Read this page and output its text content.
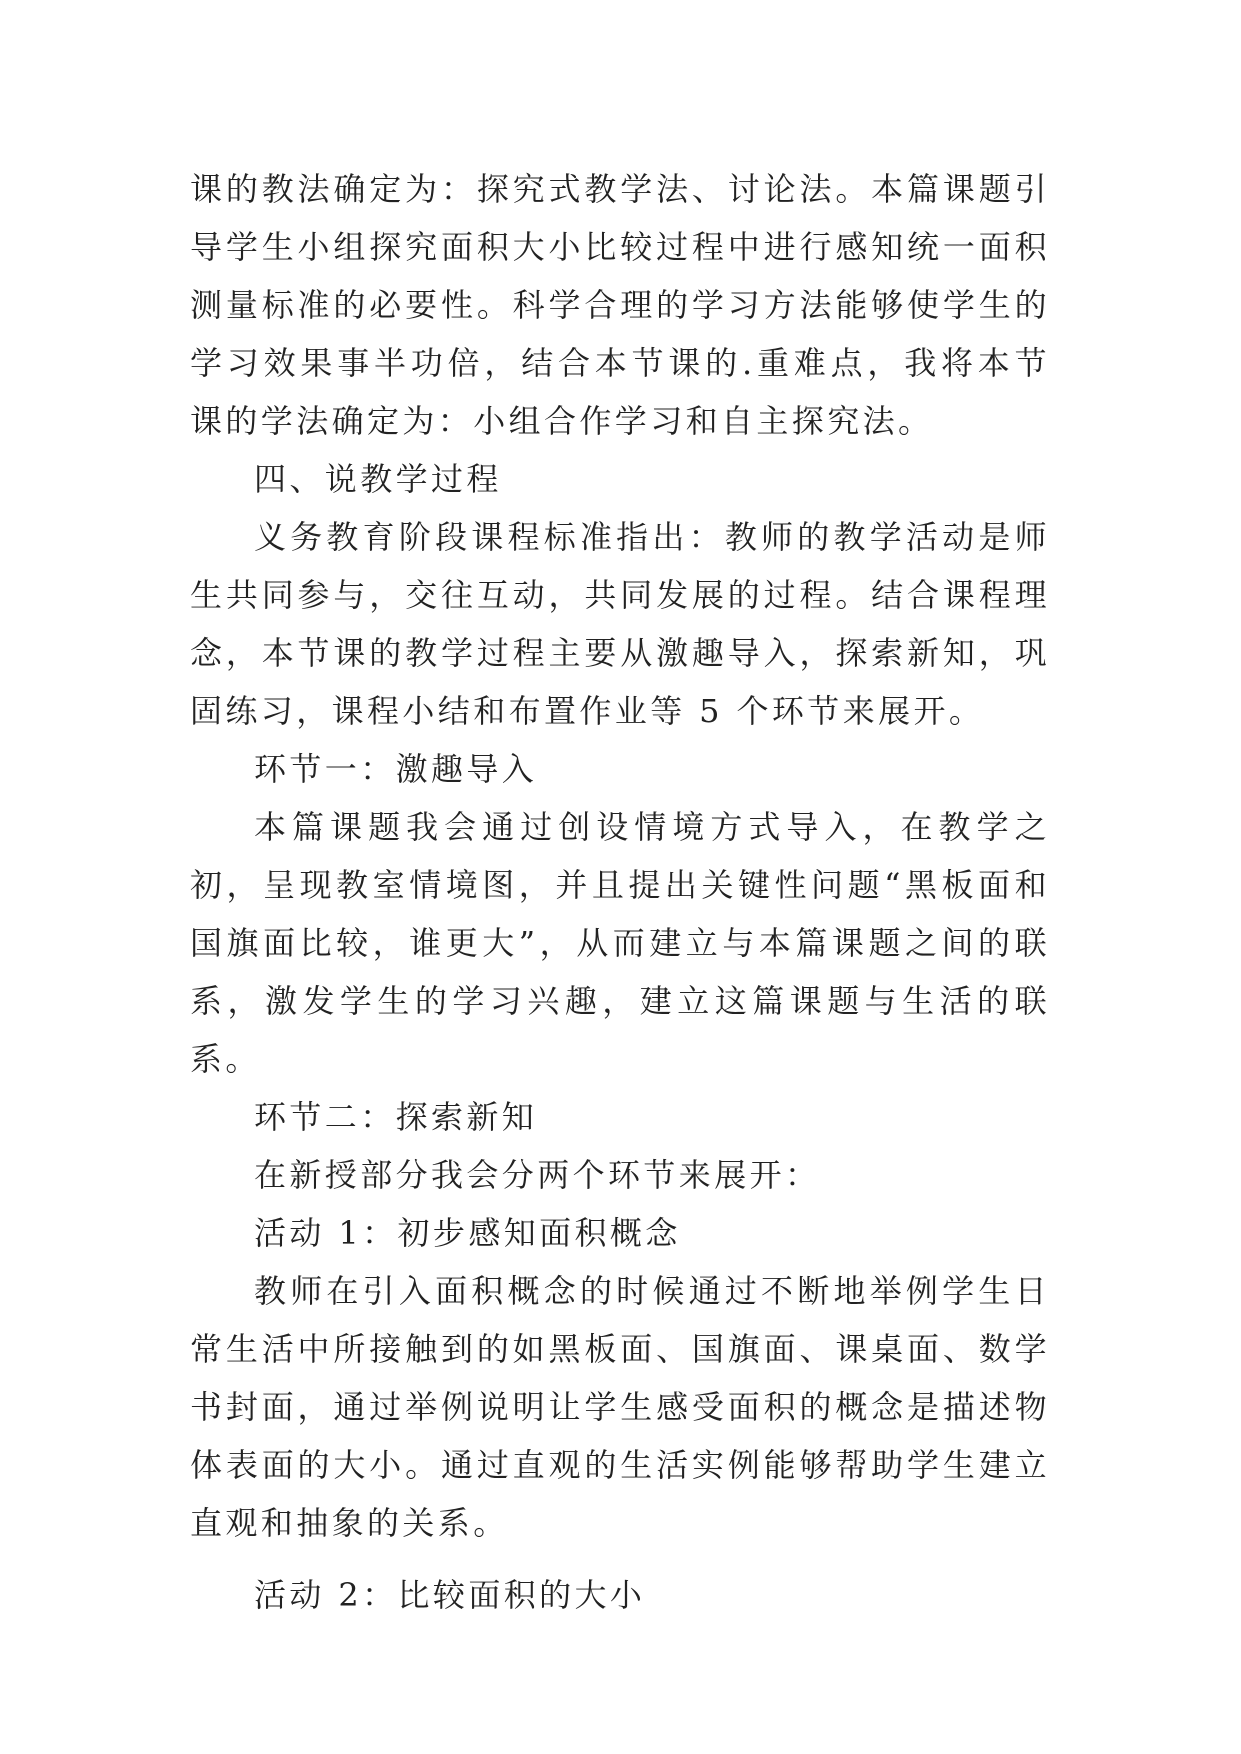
课的教法确定为：探究式教学法、讨论法。本篇课题引导学生小组探究面积大小比较过程中进行感知统一面积测量标准的必要性。科学合理的学习方法能够使学生的学习效果事半功倍，结合本节课的.重难点，我将本节课的学法确定为：小组合作学习和自主探究法。

四、说教学过程

义务教育阶段课程标准指出：教师的教学活动是师生共同参与，交往互动，共同发展的过程。结合课程理念，本节课的教学过程主要从激趣导入，探索新知，巩固练习，课程小结和布置作业等 5 个环节来展开。

环节一：激趣导入

本篇课题我会通过创设情境方式导入，在教学之初，呈现教室情境图，并且提出关键性问题“黑板面和国旗面比较，谁更大”，从而建立与本篇课题之间的联系，激发学生的学习兴趣，建立这篇课题与生活的联系。

环节二：探索新知

在新授部分我会分两个环节来展开：

活动 1：初步感知面积概念

教师在引入面积概念的时候通过不断地举例学生日常生活中所接触到的如黑板面、国旗面、课桌面、数学书封面，通过举例说明让学生感受面积的概念是描述物体表面的大小。通过直观的生活实例能够帮助学生建立直观和抽象的关系。

活动 2：比较面积的大小
